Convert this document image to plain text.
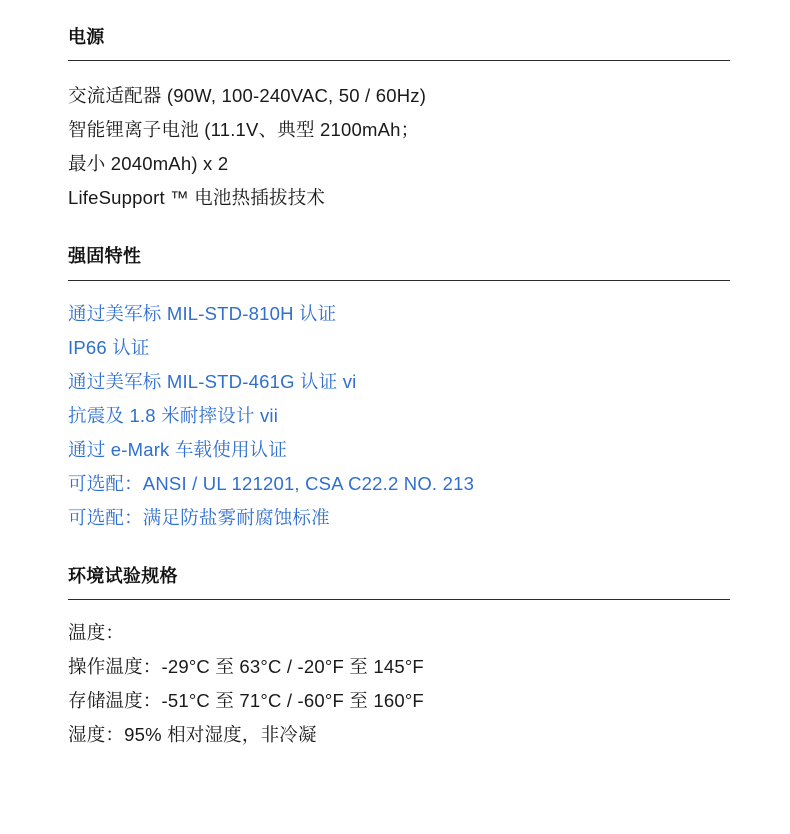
电源
交流适配器 (90W, 100-240VAC, 50 / 60Hz)
智能锂离子电池 (11.1V、典型 2100mAh；
最小 2040mAh) x 2
LifeSupport ™ 电池热插拔技术
强固特性
通过美军标 MIL-STD-810H 认证
IP66 认证
通过美军标 MIL-STD-461G 认证 vi
抗震及 1.8 米耐摔设计 vii
通过 e-Mark 车载使用认证
可选配：ANSI / UL 121201, CSA C22.2 NO. 213
可选配：满足防盐雾耐腐蚀标准
环境试验规格
温度：
操作温度：-29°C 至 63°C / -20°F 至 145°F
存储温度：-51°C 至 71°C / -60°F 至 160°F
湿度：95% 相对湿度，非冷凝
